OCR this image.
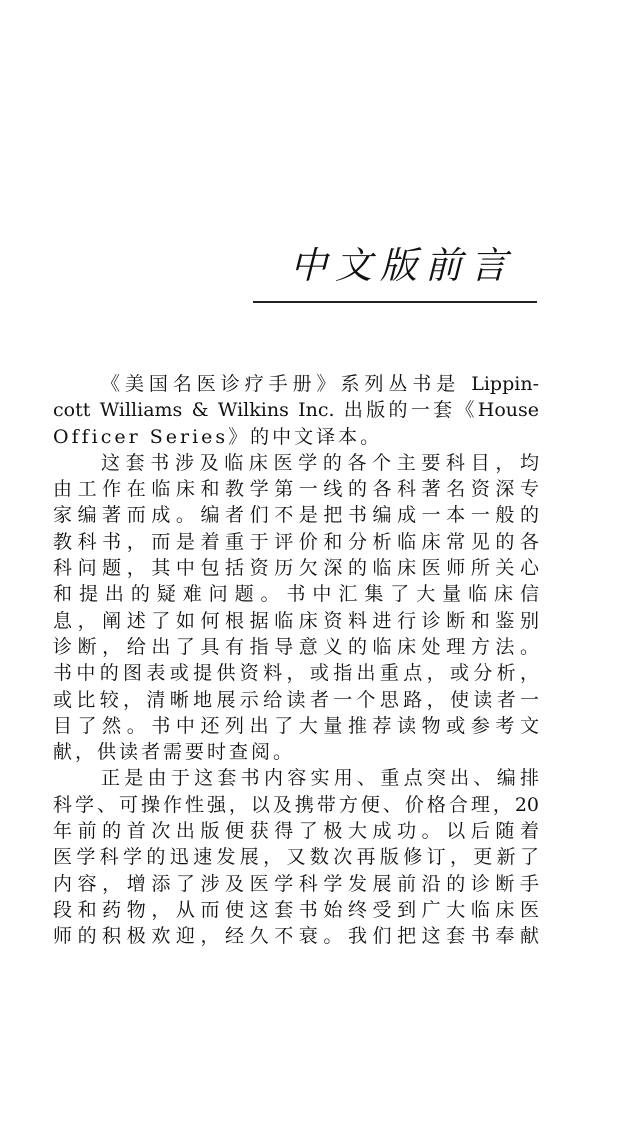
中文版前言
《美国名医诊疗手册》系列丛书是 Lippin-
cott Williams & Wilkins Inc. 出版的一套《House
Officer Series》的中文译本。
这套书涉及临床医学的各个主要科目，均
由工作在临床和教学第一线的各科著名资深专
家编著而成。编者们不是把书编成一本一般的
教科书，而是着重于评价和分析临床常见的各
科问题，其中包括资历欠深的临床医师所关心
和提出的疑难问题。书中汇集了大量临床信
息，阐述了如何根据临床资料进行诊断和鉴别
诊断，给出了具有指导意义的临床处理方法。
书中的图表或提供资料，或指出重点，或分析，
或比较，清晰地展示给读者一个思路，使读者一
目了然。书中还列出了大量推荐读物或参考文
献，供读者需要时查阅。
正是由于这套书内容实用、重点突出、编排
科学、可操作性强，以及携带方便、价格合理，20
年前的首次出版便获得了极大成功。以后随着
医学科学的迅速发展，又数次再版修订，更新了
内容，增添了涉及医学科学发展前沿的诊断手
段和药物，从而使这套书始终受到广大临床医
师的积极欢迎，经久不衰。我们把这套书奉献
